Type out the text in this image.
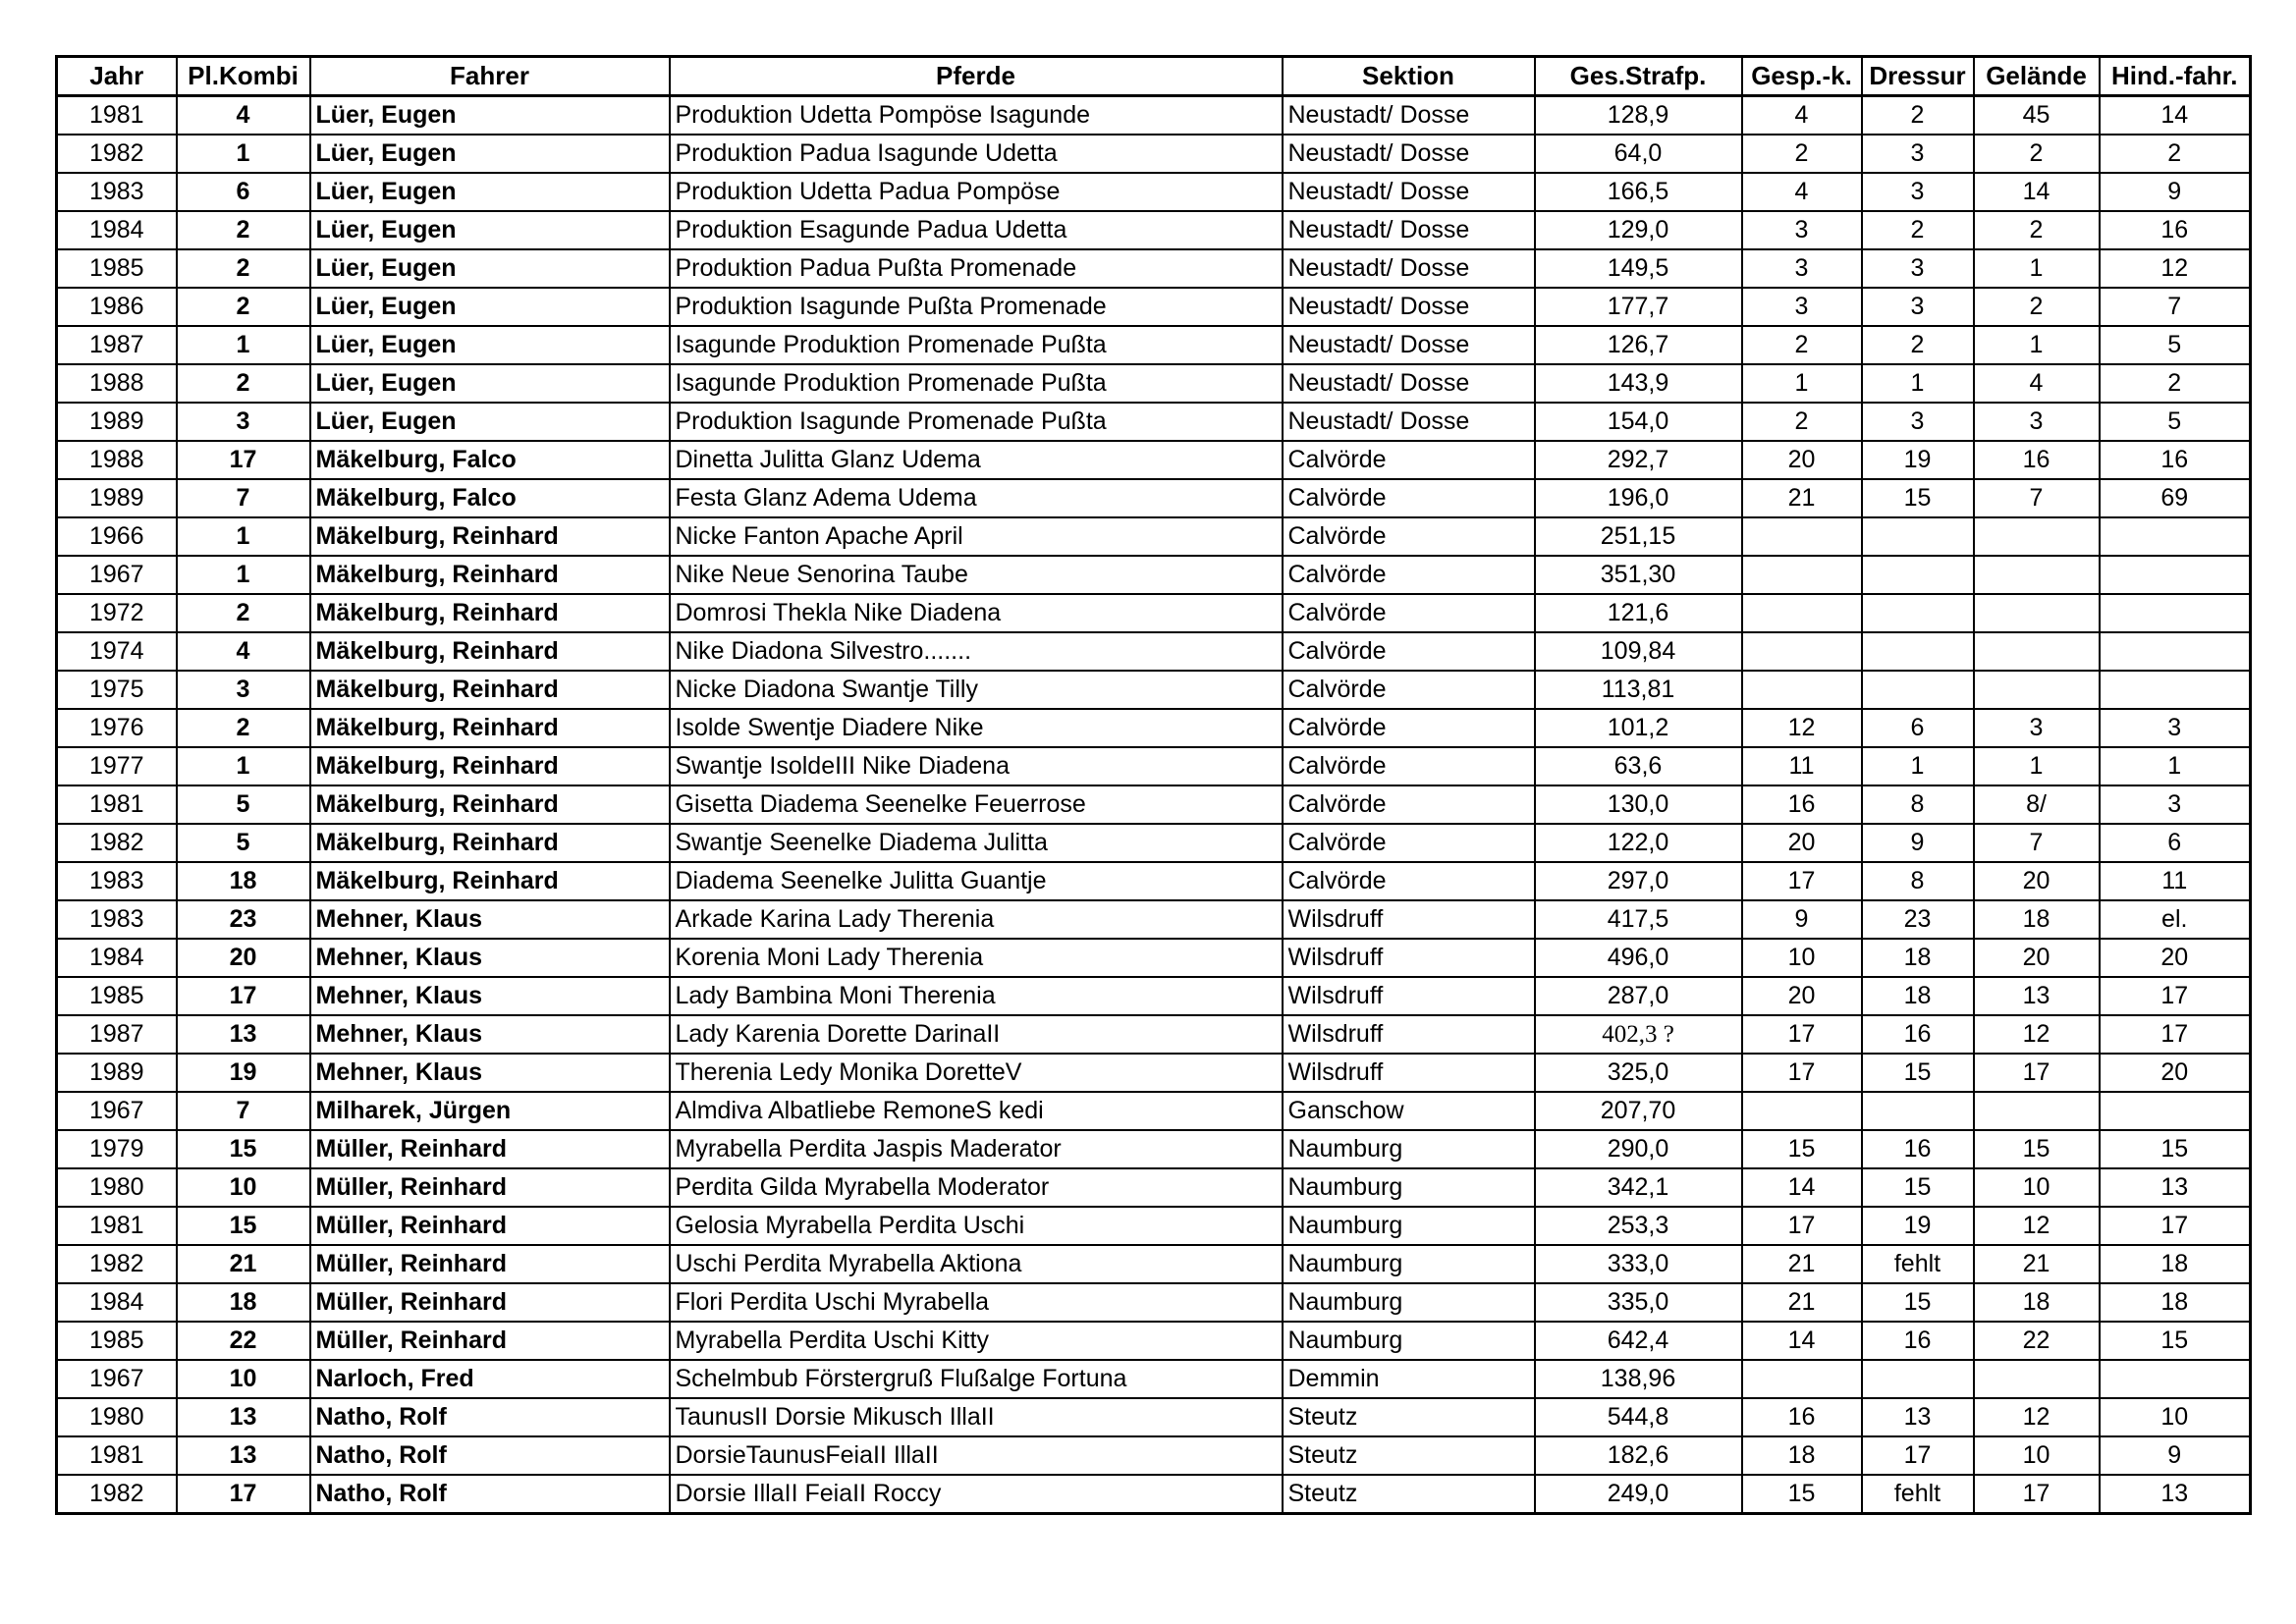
Jahr	Pl.Kombi	Fahrer	Pferde	Sektion	Ges.Strafp.	Gesp.-k.	Dressur	Gelände	Hind.-fahr.
1981	4	Lüer, Eugen	Produktion Udetta Pompöse Isagunde	Neustadt/ Dosse	128,9	4	2	45	14
1982	1	Lüer, Eugen	Produktion Padua Isagunde Udetta	Neustadt/ Dosse	64,0	2	3	2	2
1983	6	Lüer, Eugen	Produktion Udetta Padua Pompöse	Neustadt/ Dosse	166,5	4	3	14	9
1984	2	Lüer, Eugen	Produktion Esagunde Padua Udetta	Neustadt/ Dosse	129,0	3	2	2	16
1985	2	Lüer, Eugen	Produktion Padua Pußta Promenade	Neustadt/ Dosse	149,5	3	3	1	12
1986	2	Lüer, Eugen	Produktion Isagunde Pußta Promenade	Neustadt/ Dosse	177,7	3	3	2	7
1987	1	Lüer, Eugen	Isagunde Produktion Promenade Pußta	Neustadt/ Dosse	126,7	2	2	1	5
1988	2	Lüer, Eugen	Isagunde Produktion Promenade Pußta	Neustadt/ Dosse	143,9	1	1	4	2
1989	3	Lüer, Eugen	Produktion Isagunde Promenade Pußta	Neustadt/ Dosse	154,0	2	3	3	5
1988	17	Mäkelburg, Falco	Dinetta Julitta Glanz Udema	Calvörde	292,7	20	19	16	16
1989	7	Mäkelburg, Falco	Festa Glanz Adema Udema	Calvörde	196,0	21	15	7	69
1966	1	Mäkelburg, Reinhard	Nicke Fanton Apache April	Calvörde	251,15				
1967	1	Mäkelburg, Reinhard	Nike Neue Senorina Taube	Calvörde	351,30				
1972	2	Mäkelburg, Reinhard	Domrosi Thekla Nike Diadena	Calvörde	121,6				
1974	4	Mäkelburg, Reinhard	Nike Diadona Silvestro.......	Calvörde	109,84				
1975	3	Mäkelburg, Reinhard	Nicke Diadona Swantje Tilly	Calvörde	113,81				
1976	2	Mäkelburg, Reinhard	Isolde Swentje Diadere Nike	Calvörde	101,2	12	6	3	3
1977	1	Mäkelburg, Reinhard	Swantje IsoldeIII Nike Diadena	Calvörde	63,6	11	1	1	1
1981	5	Mäkelburg, Reinhard	Gisetta Diadema Seenelke Feuerrose	Calvörde	130,0	16	8	8/	3
1982	5	Mäkelburg, Reinhard	Swantje Seenelke Diadema Julitta	Calvörde	122,0	20	9	7	6
1983	18	Mäkelburg, Reinhard	Diadema Seenelke Julitta Guantje	Calvörde	297,0	17	8	20	11
1983	23	Mehner, Klaus	Arkade Karina Lady Therenia	Wilsdruff	417,5	9	23	18	el.
1984	20	Mehner, Klaus	Korenia Moni Lady Therenia	Wilsdruff	496,0	10	18	20	20
1985	17	Mehner, Klaus	Lady Bambina Moni Therenia	Wilsdruff	287,0	20	18	13	17
1987	13	Mehner, Klaus	Lady Karenia Dorette DarinaII	Wilsdruff	402,3 ?	17	16	12	17
1989	19	Mehner, Klaus	Therenia Ledy Monika DoretteV	Wilsdruff	325,0	17	15	17	20
1967	7	Milharek, Jürgen	Almdiva Albatliebe RemoneS kedi	Ganschow	207,70				
1979	15	Müller, Reinhard	Myrabella Perdita Jaspis Maderator	Naumburg	290,0	15	16	15	15
1980	10	Müller, Reinhard	Perdita Gilda Myrabella Moderator	Naumburg	342,1	14	15	10	13
1981	15	Müller, Reinhard	Gelosia Myrabella Perdita Uschi	Naumburg	253,3	17	19	12	17
1982	21	Müller, Reinhard	Uschi Perdita Myrabella Aktiona	Naumburg	333,0	21	fehlt	21	18
1984	18	Müller, Reinhard	Flori Perdita Uschi Myrabella	Naumburg	335,0	21	15	18	18
1985	22	Müller, Reinhard	Myrabella Perdita Uschi Kitty	Naumburg	642,4	14	16	22	15
1967	10	Narloch, Fred	Schelmbub Förstergruß Flußalge Fortuna	Demmin	138,96				
1980	13	Natho, Rolf	TaunusII Dorsie Mikusch IllaII	Steutz	544,8	16	13	12	10
1981	13	Natho, Rolf	DorsieTaunusFeiaII IllaII	Steutz	182,6	18	17	10	9
1982	17	Natho, Rolf	Dorsie IllaII FeiaII Roccy	Steutz	249,0	15	fehlt	17	13
